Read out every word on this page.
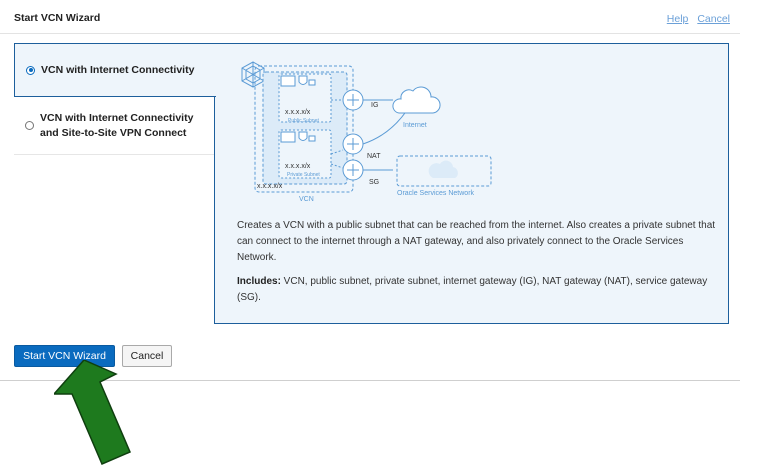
Start VCN Wizard	Help Cancel
VCN with Internet Connectivity
VCN with Internet Connectivity and Site-to-Site VPN Connect
x.x.x.x/x
Public Subnet
x.x.x.x/x
Private Subnet
x.x.x.x/x
VCN
IG
NAT
SG
Internet
Oracle Services Network
Creates a VCN with a public subnet that can be reached from the internet. Also creates a private subnet that can connect to the internet through a NAT gateway, and also privately connect to the Oracle Services Network.
Includes: VCN, public subnet, private subnet, internet gateway (IG), NAT gateway (NAT), service gateway (SG).
Start VCN Wizard	Cancel
